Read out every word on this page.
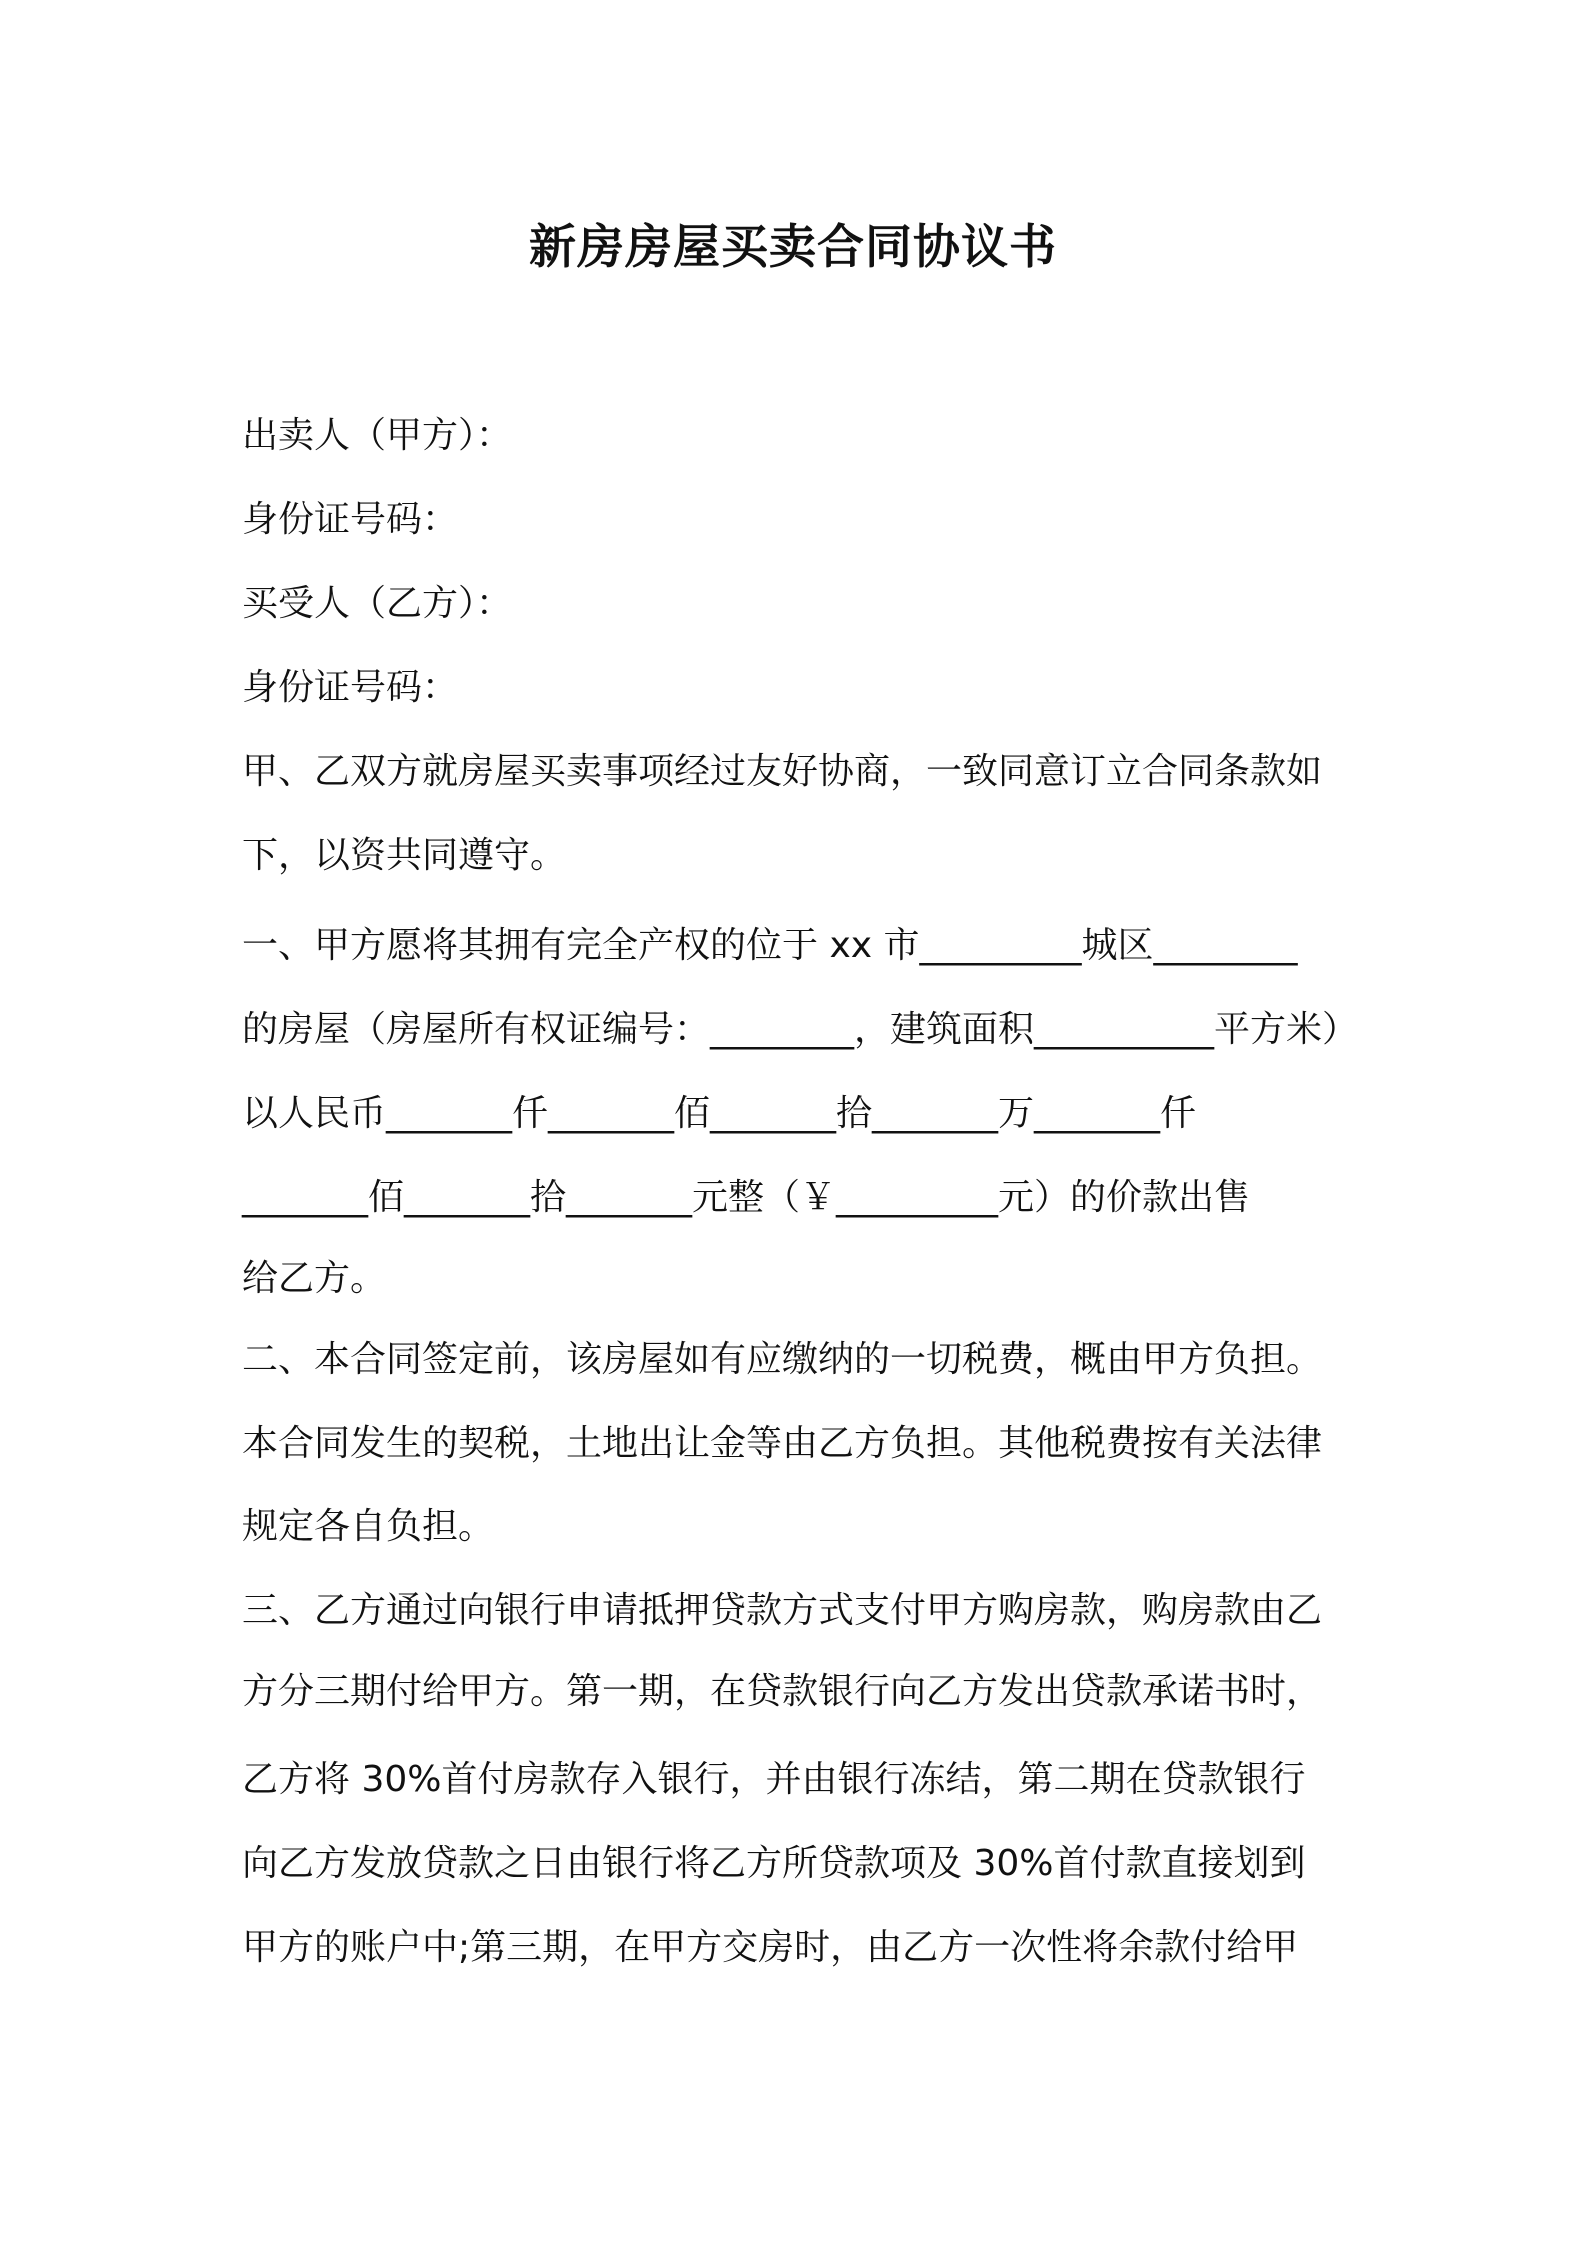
新房房屋买卖合同协议书
出卖人（甲方）：
身份证号码：
买受人（乙方）：
身份证号码：
甲、乙双方就房屋买卖事项经过友好协商，一致同意订立合同条款如
下，以资共同遵守。
一、甲方愿将其拥有完全产权的位于 xx 市_________城区________
的房屋（房屋所有权证编号：________，建筑面积__________平方米）
以人民币_______仟_______佰_______拾_______万_______仟
_______佰_______拾_______元整（￥_________元）的价款出售
给乙方。
二、本合同签定前，该房屋如有应缴纳的一切税费，概由甲方负担。
本合同发生的契税，土地出让金等由乙方负担。其他税费按有关法律
规定各自负担。
三、乙方通过向银行申请抵押贷款方式支付甲方购房款，购房款由乙
方分三期付给甲方。第一期，在贷款银行向乙方发出贷款承诺书时，
乙方将 30%首付房款存入银行，并由银行冻结，第二期在贷款银行
向乙方发放贷款之日由银行将乙方所贷款项及 30%首付款直接划到
甲方的账户中;第三期，在甲方交房时，由乙方一次性将余款付给甲
